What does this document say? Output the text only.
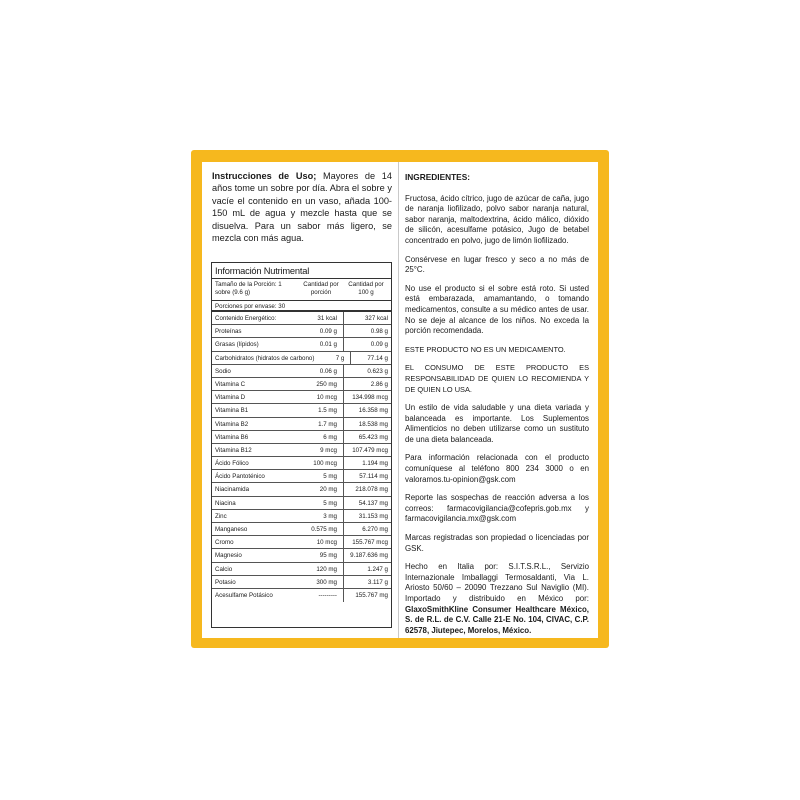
Instrucciones de Uso; Mayores de 14 años tome un sobre por día. Abra el sobre y vacíe el contenido en un vaso, añada 100-150 mL de agua y mezcle hasta que se disuelva. Para un sabor más ligero, se mezcla con más agua.

Información Nutrimental
Tamaño de la Porción: 1 sobre (9.6 g)
Cantidad por porción
Cantidad por 100 g
Porciones por envase: 30
Contenido Energético:	31 kcal	327 kcal
Proteínas	0.09 g	0.98 g
Grasas (lípidos)	0.01 g	0.09 g
Carbohidratos (hidratos de carbono)	7 g	77.14 g
Sodio	0.06 g	0.623 g
Vitamina C	250 mg	2.86 g
Vitamina D	10 mcg	134.998 mcg
Vitamina B1	1.5 mg	16.358 mg
Vitamina B2	1.7 mg	18.538 mg
Vitamina B6	6 mg	65.423 mg
Vitamina B12	9 mcg	107.479 mcg
Ácido Fólico	100 mcg	1.194 mg
Ácido Pantoténico	5 mg	57.114 mg
Niacinamida	20 mg	218.078 mg
Niacina	5 mg	54.137 mg
Zinc	3 mg	31.153 mg
Manganeso	0.575 mg	6.270 mg
Cromo	10 mcg	155.767 mcg
Magnesio	95 mg	9.187.636 mg
Calcio	120 mg	1.247 g
Potasio	300 mg	3.117 g
Acesulfame Potásico	---------	155.767 mg

INGREDIENTES:

Fructosa, ácido cítrico, jugo de azúcar de caña, jugo de naranja liofilizado, polvo sabor naranja natural, sabor naranja, maltodextrina, ácido málico, dióxido de silicón, acesulfame potásico, Jugo de betabel concentrado en polvo, jugo de limón liofilizado.

Consérvese en lugar fresco y seco a no más de 25°C.

No use el producto si el sobre está roto. Si usted está embarazada, amamantando, o tomando medicamentos, consulte a su médico antes de usar. No se deje al alcance de los niños. No exceda la porción recomendada.

ESTE PRODUCTO NO ES UN MEDICAMENTO.

EL CONSUMO DE ESTE PRODUCTO ES RESPONSABILIDAD DE QUIEN LO RECOMIENDA Y DE QUIEN LO USA.

Un estilo de vida saludable y una dieta variada y balanceada es importante. Los Suplementos Alimenticios no deben utilizarse como un sustituto de una dieta balanceada.

Para información relacionada con el producto comuníquese al teléfono 800 234 3000 o en valoramos.tu-opinion@gsk.com

Reporte las sospechas de reacción adversa a los correos: farmacovigilancia@cofepris.gob.mx y farmacovigilancia.mx@gsk.com

Marcas registradas son propiedad o licenciadas por GSK.

Hecho en Italia por: S.I.T.S.R.L., Servizio Internazionale Imballaggi Termosaldanti, Via L. Ariosto 50/60 – 20090 Trezzano Sul Naviglio (MI). Importado y distribuido en México por: GlaxoSmithKline Consumer Healthcare México, S. de R.L. de C.V. Calle 21-E No. 104, CIVAC, C.P. 62578, Jiutepec, Morelos, México.
